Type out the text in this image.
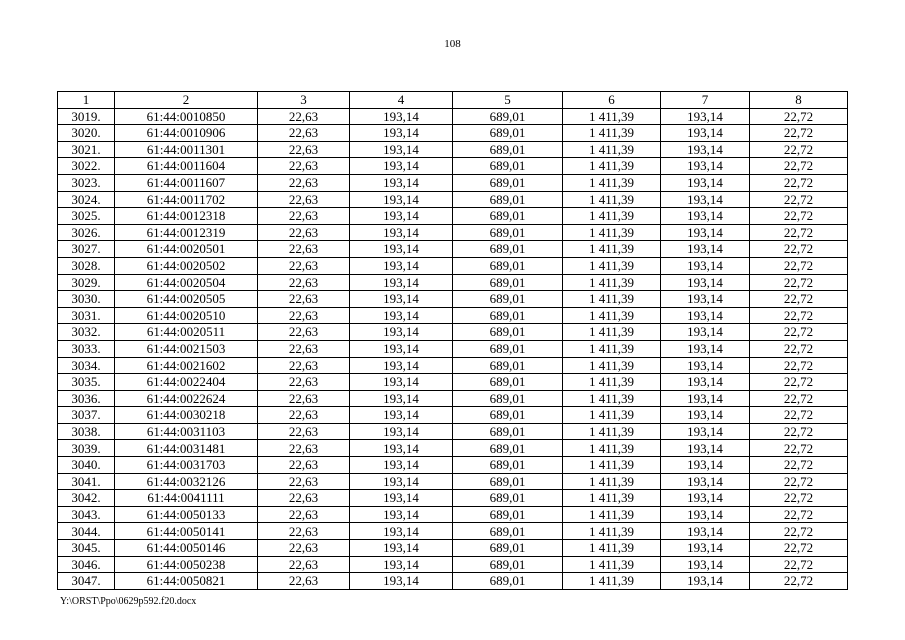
108
1	2	3	4	5	6	7	8
3019.	61:44:0010850	22,63	193,14	689,01	1 411,39	193,14	22,72
3020.	61:44:0010906	22,63	193,14	689,01	1 411,39	193,14	22,72
3021.	61:44:0011301	22,63	193,14	689,01	1 411,39	193,14	22,72
3022.	61:44:0011604	22,63	193,14	689,01	1 411,39	193,14	22,72
3023.	61:44:0011607	22,63	193,14	689,01	1 411,39	193,14	22,72
3024.	61:44:0011702	22,63	193,14	689,01	1 411,39	193,14	22,72
3025.	61:44:0012318	22,63	193,14	689,01	1 411,39	193,14	22,72
3026.	61:44:0012319	22,63	193,14	689,01	1 411,39	193,14	22,72
3027.	61:44:0020501	22,63	193,14	689,01	1 411,39	193,14	22,72
3028.	61:44:0020502	22,63	193,14	689,01	1 411,39	193,14	22,72
3029.	61:44:0020504	22,63	193,14	689,01	1 411,39	193,14	22,72
3030.	61:44:0020505	22,63	193,14	689,01	1 411,39	193,14	22,72
3031.	61:44:0020510	22,63	193,14	689,01	1 411,39	193,14	22,72
3032.	61:44:0020511	22,63	193,14	689,01	1 411,39	193,14	22,72
3033.	61:44:0021503	22,63	193,14	689,01	1 411,39	193,14	22,72
3034.	61:44:0021602	22,63	193,14	689,01	1 411,39	193,14	22,72
3035.	61:44:0022404	22,63	193,14	689,01	1 411,39	193,14	22,72
3036.	61:44:0022624	22,63	193,14	689,01	1 411,39	193,14	22,72
3037.	61:44:0030218	22,63	193,14	689,01	1 411,39	193,14	22,72
3038.	61:44:0031103	22,63	193,14	689,01	1 411,39	193,14	22,72
3039.	61:44:0031481	22,63	193,14	689,01	1 411,39	193,14	22,72
3040.	61:44:0031703	22,63	193,14	689,01	1 411,39	193,14	22,72
3041.	61:44:0032126	22,63	193,14	689,01	1 411,39	193,14	22,72
3042.	61:44:0041111	22,63	193,14	689,01	1 411,39	193,14	22,72
3043.	61:44:0050133	22,63	193,14	689,01	1 411,39	193,14	22,72
3044.	61:44:0050141	22,63	193,14	689,01	1 411,39	193,14	22,72
3045.	61:44:0050146	22,63	193,14	689,01	1 411,39	193,14	22,72
3046.	61:44:0050238	22,63	193,14	689,01	1 411,39	193,14	22,72
3047.	61:44:0050821	22,63	193,14	689,01	1 411,39	193,14	22,72
Y:\ORST\Ppo\0629p592.f20.docx
